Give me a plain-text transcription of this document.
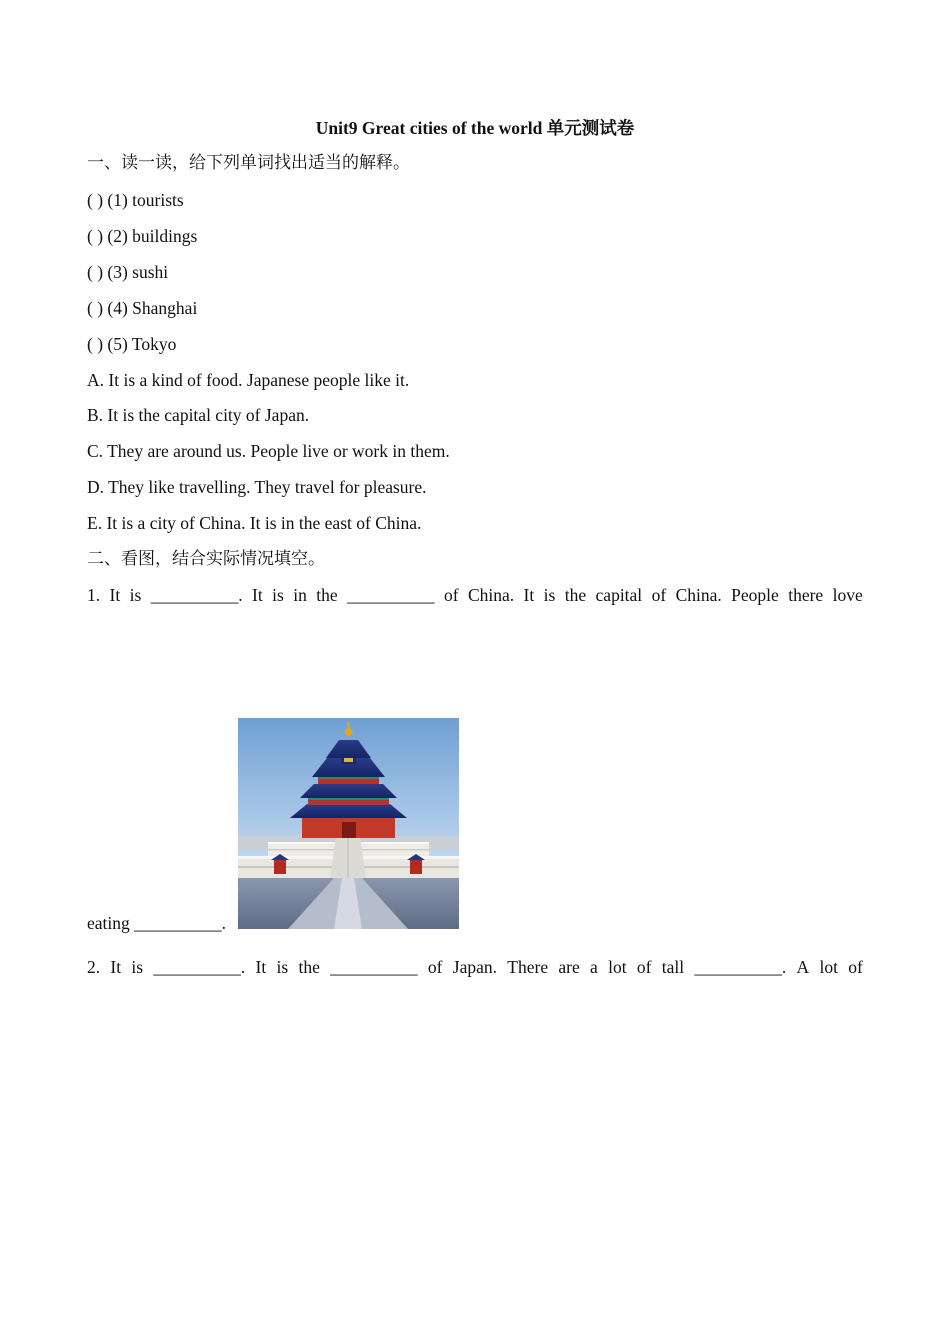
Unit9 Great cities of the world 单元测试卷
一、读一读，给下列单词找出适当的解释。
( ) (1) tourists
( ) (2) buildings
( ) (3) sushi
( ) (4) Shanghai
( ) (5) Tokyo
A. It is a kind of food. Japanese people like it.
B. It is the capital city of Japan.
C. They are around us. People live or work in them.
D. They like travelling. They travel for pleasure.
E. It is a city of China. It is in the east of China.
二、看图，结合实际情况填空。
1. It is __________. It is in the __________ of China. It is the capital of China. People there love
eating __________.
2. It is __________. It is the __________ of Japan. There are a lot of tall __________. A lot of
